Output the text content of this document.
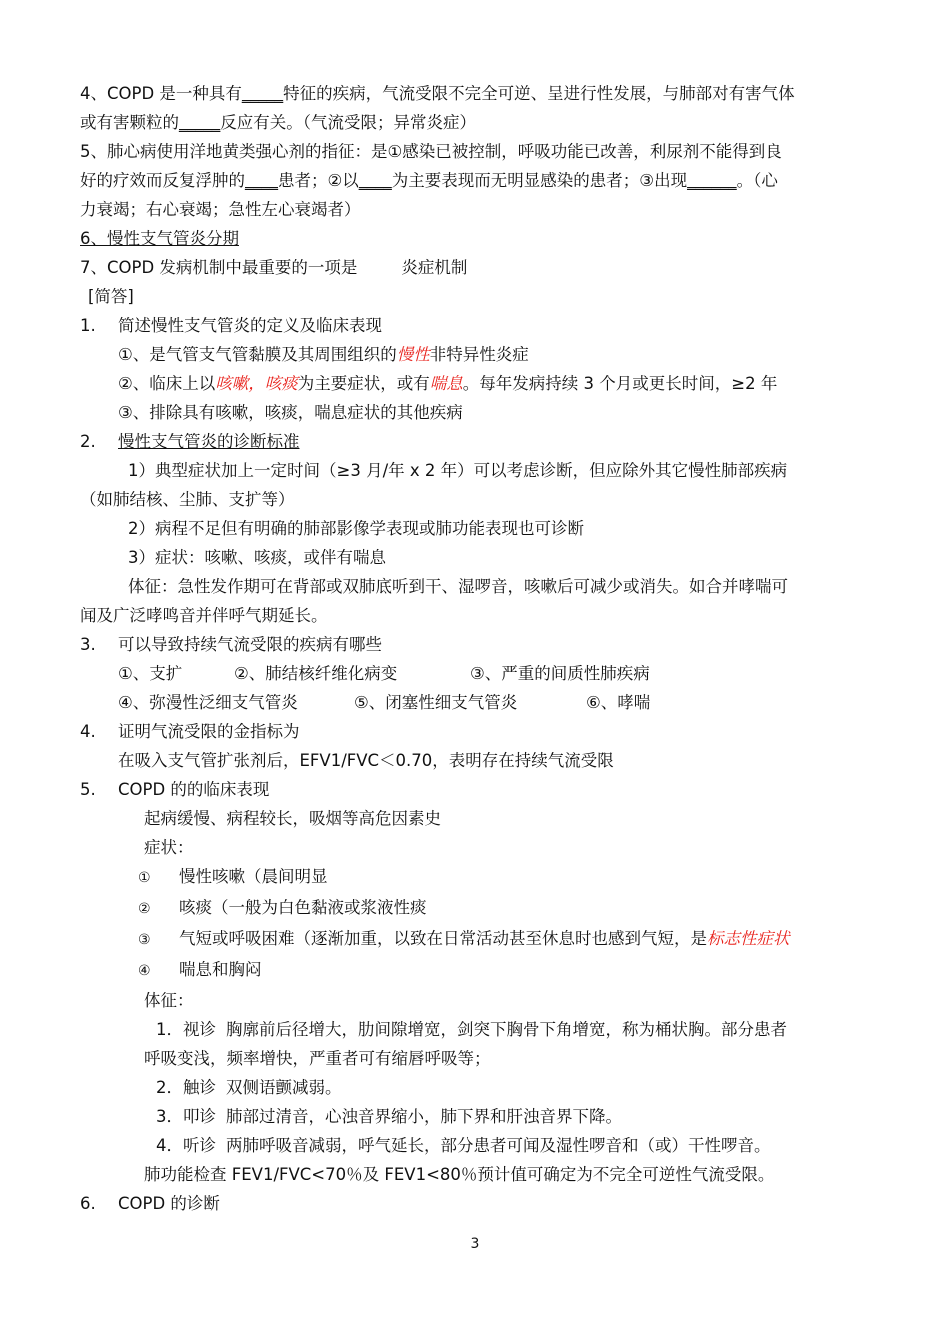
4、COPD 是一种具有_____特征的疾病，气流受限不完全可逆、呈进行性发展，与肺部对有害气体
或有害颗粒的_____反应有关。（气流受限；异常炎症）
5、肺心病使用洋地黄类强心剂的指征：是①感染已被控制，呼吸功能已改善，利尿剂不能得到良
好的疗效而反复浮肿的____患者；②以____为主要表现而无明显感染的患者；③出现______。（心
力衰竭；右心衰竭；急性左心衰竭者）
6、慢性支气管炎分期
7、COPD 发病机制中最重要的一项是	炎症机制
[简答]
1. 简述慢性支气管炎的定义及临床表现
①、是气管支气管黏膜及其周围组织的慢性非特异性炎症
②、临床上以咳嗽，咳痰为主要症状，或有喘息。每年发病持续 3 个月或更长时间，≥2 年
③、排除具有咳嗽，咳痰，喘息症状的其他疾病
2. 慢性支气管炎的诊断标准
1）典型症状加上一定时间（≥3 月/年 x 2 年）可以考虑诊断，但应除外其它慢性肺部疾病
（如肺结核、尘肺、支扩等）
2）病程不足但有明确的肺部影像学表现或肺功能表现也可诊断
3）症状：咳嗽、咳痰，或伴有喘息
体征：急性发作期可在背部或双肺底听到干、湿啰音，咳嗽后可减少或消失。如合并哮喘可
闻及广泛哮鸣音并伴呼气期延长。
3. 可以导致持续气流受限的疾病有哪些
①、支扩	②、肺结核纤维化病变	③、严重的间质性肺疾病
④、弥漫性泛细支气管炎	⑤、闭塞性细支气管炎	⑥、哮喘
4. 证明气流受限的金指标为
在吸入支气管扩张剂后，EFV1/FVC＜0.70，表明存在持续气流受限
5. COPD 的的临床表现
起病缓慢、病程较长，吸烟等高危因素史
症状：
① 慢性咳嗽（晨间明显
② 咳痰（一般为白色黏液或浆液性痰
③ 气短或呼吸困难（逐渐加重，以致在日常活动甚至休息时也感到气短，是标志性症状
④ 喘息和胸闷
体征：
1．视诊 胸廓前后径增大，肋间隙增宽，剑突下胸骨下角增宽，称为桶状胸。部分患者
呼吸变浅，频率增快，严重者可有缩唇呼吸等；
2．触诊 双侧语颤减弱。
3．叩诊 肺部过清音，心浊音界缩小，肺下界和肝浊音界下降。
4．听诊 两肺呼吸音减弱，呼气延长，部分患者可闻及湿性啰音和（或）干性啰音。
肺功能检查 FEV1/FVC<70％及 FEV1<80％预计值可确定为不完全可逆性气流受限。
6. COPD 的诊断
3
